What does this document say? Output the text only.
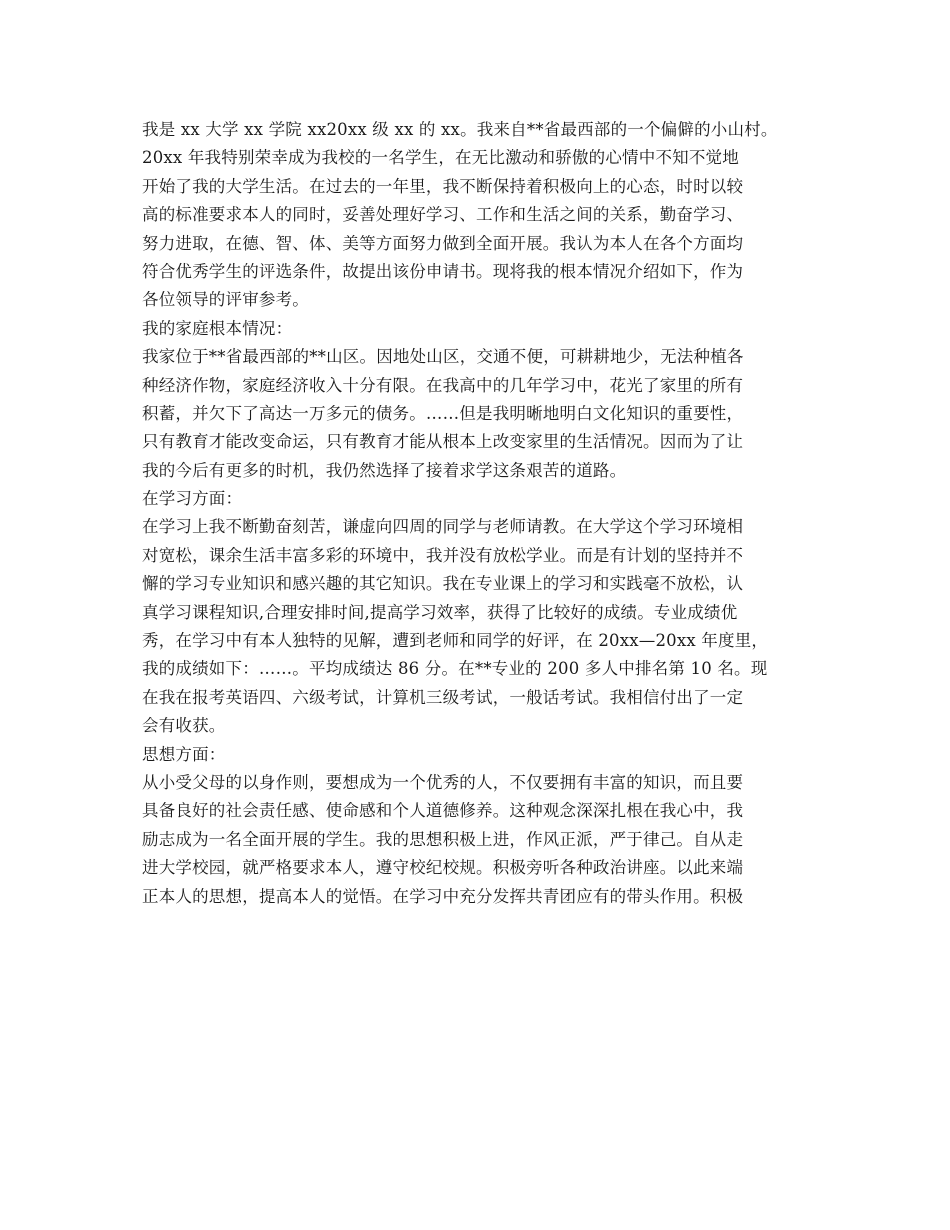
我是 xx 大学 xx 学院 xx20xx 级 xx 的 xx。我来自**省最西部的一个偏僻的小山村。
20xx 年我特别荣幸成为我校的一名学生，在无比激动和骄傲的心情中不知不觉地
开始了我的大学生活。在过去的一年里，我不断保持着积极向上的心态，时时以较
高的标准要求本人的同时，妥善处理好学习、工作和生活之间的关系，勤奋学习、
努力进取，在德、智、体、美等方面努力做到全面开展。我认为本人在各个方面均
符合优秀学生的评选条件，故提出该份申请书。现将我的根本情况介绍如下，作为
各位领导的评审参考。
我的家庭根本情况：
我家位于**省最西部的**山区。因地处山区，交通不便，可耕耕地少，无法种植各
种经济作物，家庭经济收入十分有限。在我高中的几年学习中，花光了家里的所有
积蓄，并欠下了高达一万多元的债务。……但是我明晰地明白文化知识的重要性，
只有教育才能改变命运，只有教育才能从根本上改变家里的生活情况。因而为了让
我的今后有更多的时机，我仍然选择了接着求学这条艰苦的道路。
在学习方面：
在学习上我不断勤奋刻苦，谦虚向四周的同学与老师请教。在大学这个学习环境相
对宽松，课余生活丰富多彩的环境中，我并没有放松学业。而是有计划的坚持并不
懈的学习专业知识和感兴趣的其它知识。我在专业课上的学习和实践毫不放松，认
真学习课程知识,合理安排时间,提高学习效率，获得了比较好的成绩。专业成绩优
秀，在学习中有本人独特的见解，遭到老师和同学的好评，在 20xx—20xx 年度里，
我的成绩如下：……。平均成绩达 86 分。在**专业的 200 多人中排名第 10 名。现
在我在报考英语四、六级考试，计算机三级考试，一般话考试。我相信付出了一定
会有收获。
思想方面：
从小受父母的以身作则，要想成为一个优秀的人，不仅要拥有丰富的知识，而且要
具备良好的社会责任感、使命感和个人道德修养。这种观念深深扎根在我心中，我
励志成为一名全面开展的学生。我的思想积极上进，作风正派，严于律己。自从走
进大学校园，就严格要求本人，遵守校纪校规。积极旁听各种政治讲座。以此来端
正本人的思想，提高本人的觉悟。在学习中充分发挥共青团应有的带头作用。积极
